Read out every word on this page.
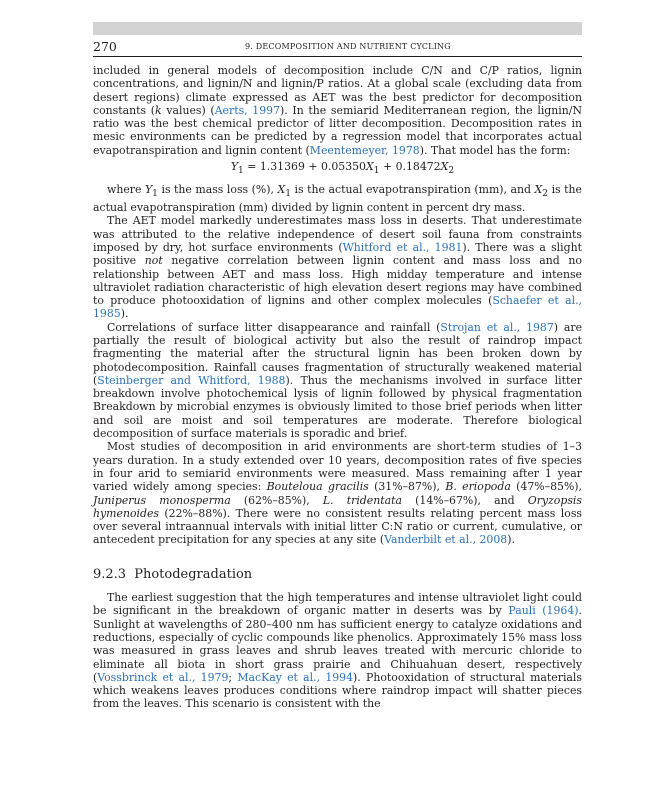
270	9. DECOMPOSITION AND NUTRIENT CYCLING

included in general models of decomposition include C/N and C/P ratios, lignin concentrations, and lignin/N and lignin/P ratios. At a global scale (excluding data from desert regions) climate expressed as AET was the best predictor for decomposition constants (k values) (Aerts, 1997). In the semiarid Mediterranean region, the lignin/N ratio was the best chemical predictor of litter decomposition. Decomposition rates in mesic environments can be predicted by a regression model that incorporates actual evapotranspiration and lignin content (Meentemeyer, 1978). That model has the form:

$Y_1 = 1.31369 + 0.05350X_1 + 0.18472X_2$

where $Y_1$ is the mass loss (%), $X_1$ is the actual evapotranspiration (mm), and $X_2$ is the actual evapotranspiration (mm) divided by lignin content in percent dry mass.

The AET model markedly underestimates mass loss in deserts. That underestimate was attributed to the relative independence of desert soil fauna from constraints imposed by dry, hot surface environments (Whitford et al., 1981). There was a slight positive not negative correlation between lignin content and mass loss and no relationship between AET and mass loss. High midday temperature and intense ultraviolet radiation characteristic of high elevation desert regions may have combined to produce photooxidation of lignins and other complex molecules (Schaefer et al., 1985).

Correlations of surface litter disappearance and rainfall (Strojan et al., 1987) are partially the result of biological activity but also the result of raindrop impact fragmenting the material after the structural lignin has been broken down by photodecomposition. Rainfall causes fragmentation of structurally weakened material (Steinberger and Whitford, 1988). Thus the mechanisms involved in surface litter breakdown involve photochemical lysis of lignin followed by physical fragmentation Breakdown by microbial enzymes is obviously limited to those brief periods when litter and soil are moist and soil temperatures are moderate. Therefore biological decomposition of surface materials is sporadic and brief.

Most studies of decomposition in arid environments are short-term studies of 1–3 years duration. In a study extended over 10 years, decomposition rates of five species in four arid to semiarid environments were measured. Mass remaining after 1 year varied widely among species: Bouteloua gracilis (31%–87%), B. eriopoda (47%–85%), Juniperus monosperma (62%–85%), L. tridentata (14%–67%), and Oryzopsis hymenoides (22%–88%). There were no consistent results relating percent mass loss over several intraannual intervals with initial litter C:N ratio or current, cumulative, or antecedent precipitation for any species at any site (Vanderbilt et al., 2008).

9.2.3 Photodegradation

The earliest suggestion that the high temperatures and intense ultraviolet light could be significant in the breakdown of organic matter in deserts was by Pauli (1964). Sunlight at wavelengths of 280–400 nm has sufficient energy to catalyze oxidations and reductions, especially of cyclic compounds like phenolics. Approximately 15% mass loss was measured in grass leaves and shrub leaves treated with mercuric chloride to eliminate all biota in short grass prairie and Chihuahuan desert, respectively (Vossbrinck et al., 1979; MacKay et al., 1994). Photooxidation of structural materials which weakens leaves produces conditions where raindrop impact will shatter pieces from the leaves. This scenario is consistent with the
